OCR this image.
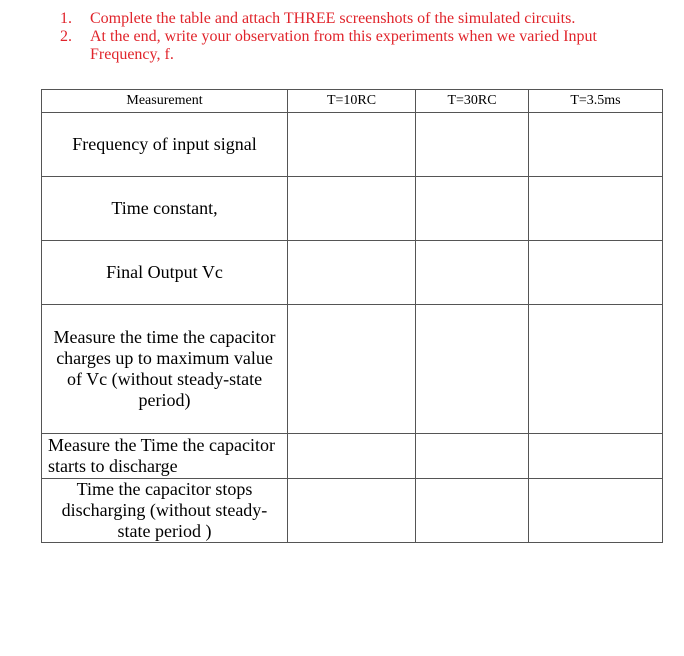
1.	Complete the table and attach THREE screenshots of the simulated circuits.
2.	At the end, write your observation from this experiments when we varied Input Frequency, f.
Measurement	T=10RC	T=30RC	T=3.5ms
Frequency of input signal			
Time constant,			
Final Output Vc			
Measure the time the capacitor charges up to maximum value of Vc (without steady-state period)			
Measure the Time the capacitor starts to discharge			
Time the capacitor stops discharging (without steady-state period )			
